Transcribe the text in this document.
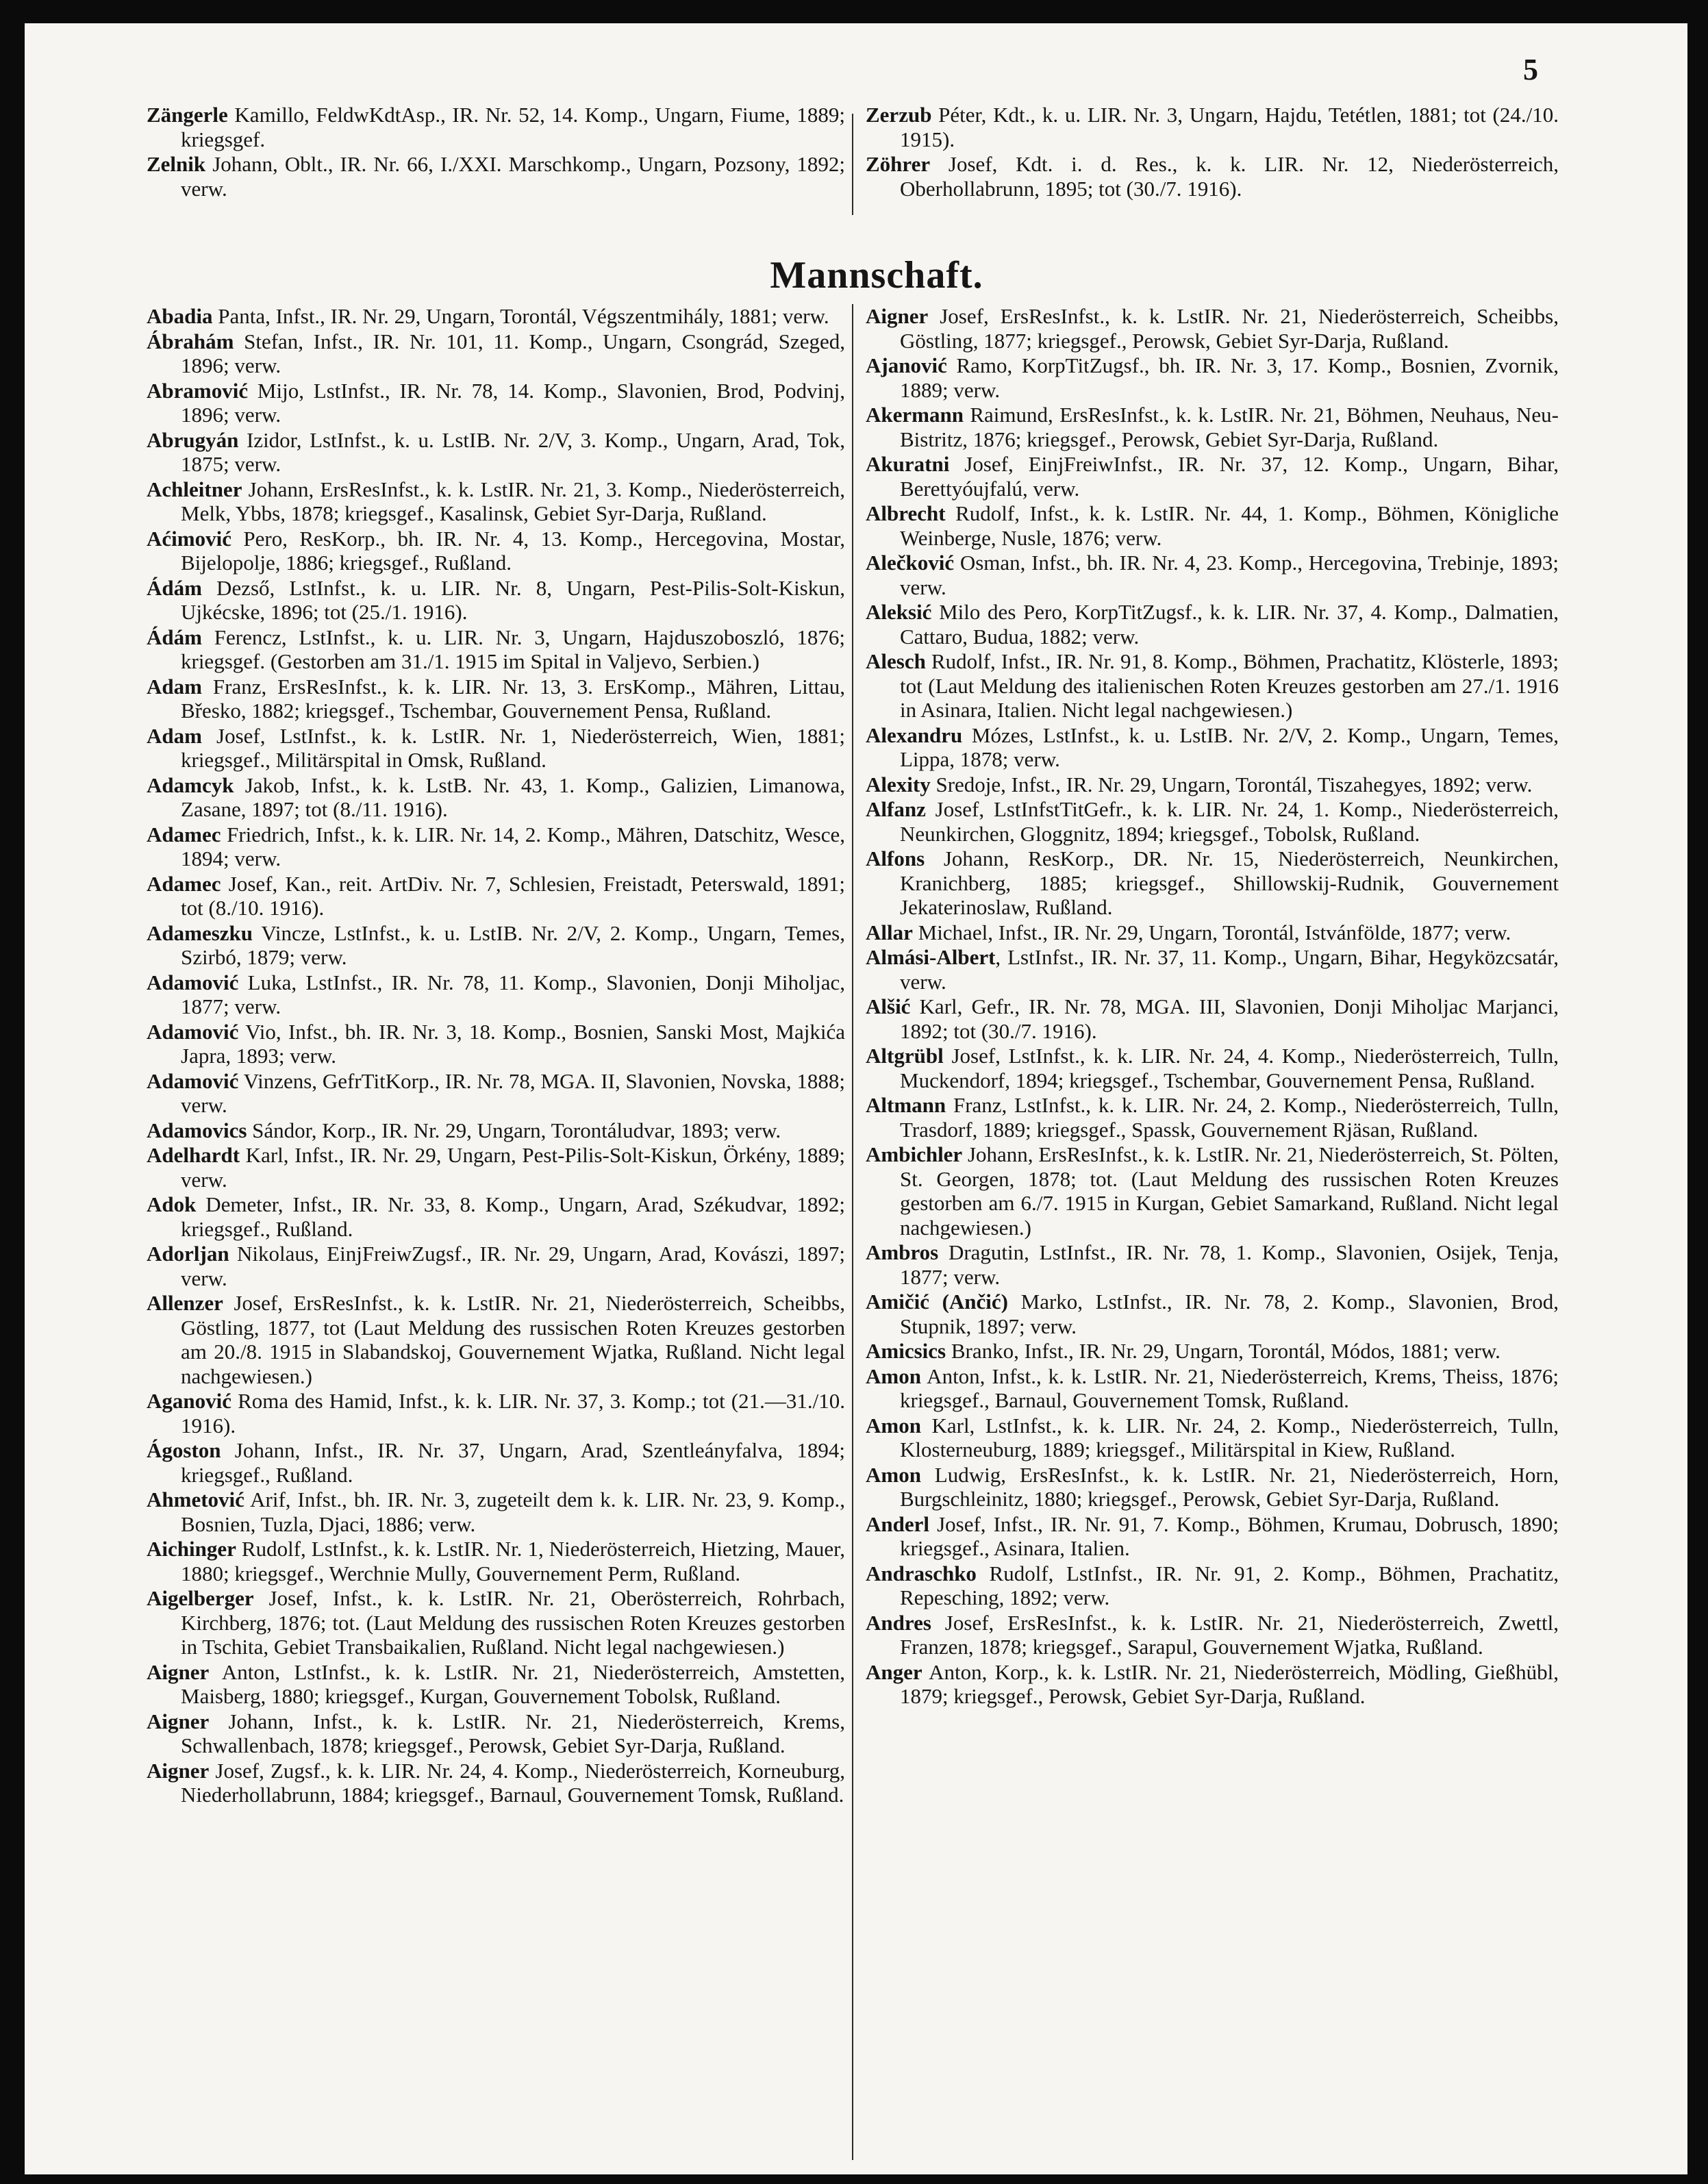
5

Zängerle Kamillo, FeldwKdtAsp., IR. Nr. 52, 14. Komp., Ungarn, Fiume, 1889; kriegsgef.

Zelnik Johann, Oblt., IR. Nr. 66, I./XXI. Marschkomp., Ungarn, Pozsony, 1892; verw.

Zerzub Péter, Kdt., k. u. LIR. Nr. 3, Ungarn, Hajdu, Tetétlen, 1881; tot (24./10. 1915).

Zöhrer Josef, Kdt. i. d. Res., k. k. LIR. Nr. 12, Niederösterreich, Oberhollabrunn, 1895; tot (30./7. 1916).

Mannschaft.

Abadia Panta, Infst., IR. Nr. 29, Ungarn, Torontál, Végszentmihály, 1881; verw.

Ábrahám Stefan, Infst., IR. Nr. 101, 11. Komp., Ungarn, Csongrád, Szeged, 1896; verw.

Abramović Mijo, LstInfst., IR. Nr. 78, 14. Komp., Slavonien, Brod, Podvinj, 1896; verw.

Abrugyán Izidor, LstInfst., k. u. LstIB. Nr. 2/V, 3. Komp., Ungarn, Arad, Tok, 1875; verw.

Achleitner Johann, ErsResInfst., k. k. LstIR. Nr. 21, 3. Komp., Niederösterreich, Melk, Ybbs, 1878; kriegsgef., Kasalinsk, Gebiet Syr-Darja, Rußland.

Aćimović Pero, ResKorp., bh. IR. Nr. 4, 13. Komp., Hercegovina, Mostar, Bijelopolje, 1886; kriegsgef., Rußland.

Ádám Dezső, LstInfst., k. u. LIR. Nr. 8, Ungarn, Pest-Pilis-Solt-Kiskun, Ujkécske, 1896; tot (25./1. 1916).

Ádám Ferencz, LstInfst., k. u. LIR. Nr. 3, Ungarn, Hajduszoboszló, 1876; kriegsgef. (Gestorben am 31./1. 1915 im Spital in Valjevo, Serbien.)

Adam Franz, ErsResInfst., k. k. LIR. Nr. 13, 3. ErsKomp., Mähren, Littau, Břesko, 1882; kriegsgef., Tschembar, Gouvernement Pensa, Rußland.

Adam Josef, LstInfst., k. k. LstIR. Nr. 1, Niederösterreich, Wien, 1881; kriegsgef., Militärspital in Omsk, Rußland.

Adamcyk Jakob, Infst., k. k. LstB. Nr. 43, 1. Komp., Galizien, Limanowa, Zasane, 1897; tot (8./11. 1916).

Adamec Friedrich, Infst., k. k. LIR. Nr. 14, 2. Komp., Mähren, Datschitz, Wesce, 1894; verw.

Adamec Josef, Kan., reit. ArtDiv. Nr. 7, Schlesien, Freistadt, Peterswald, 1891; tot (8./10. 1916).

Adameszku Vincze, LstInfst., k. u. LstIB. Nr. 2/V, 2. Komp., Ungarn, Temes, Szirbó, 1879; verw.

Adamović Luka, LstInfst., IR. Nr. 78, 11. Komp., Slavonien, Donji Miholjac, 1877; verw.

Adamović Vio, Infst., bh. IR. Nr. 3, 18. Komp., Bosnien, Sanski Most, Majkića Japra, 1893; verw.

Adamović Vinzens, GefrTitKorp., IR. Nr. 78, MGA. II, Slavonien, Novska, 1888; verw.

Adamovics Sándor, Korp., IR. Nr. 29, Ungarn, Torontáludvar, 1893; verw.

Adelhardt Karl, Infst., IR. Nr. 29, Ungarn, Pest-Pilis-Solt-Kiskun, Örkény, 1889; verw.

Adok Demeter, Infst., IR. Nr. 33, 8. Komp., Ungarn, Arad, Székudvar, 1892; kriegsgef., Rußland.

Adorljan Nikolaus, EinjFreiwZugsf., IR. Nr. 29, Ungarn, Arad, Kovászi, 1897; verw.

Allenzer Josef, ErsResInfst., k. k. LstIR. Nr. 21, Niederösterreich, Scheibbs, Göstling, 1877, tot (Laut Meldung des russischen Roten Kreuzes gestorben am 20./8. 1915 in Slabandskoj, Gouvernement Wjatka, Rußland. Nicht legal nachgewiesen.)

Aganović Roma des Hamid, Infst., k. k. LIR. Nr. 37, 3. Komp.; tot (21.—31./10. 1916).

Ágoston Johann, Infst., IR. Nr. 37, Ungarn, Arad, Szentleányfalva, 1894; kriegsgef., Rußland.

Ahmetović Arif, Infst., bh. IR. Nr. 3, zugeteilt dem k. k. LIR. Nr. 23, 9. Komp., Bosnien, Tuzla, Djaci, 1886; verw.

Aichinger Rudolf, LstInfst., k. k. LstIR. Nr. 1, Niederösterreich, Hietzing, Mauer, 1880; kriegsgef., Werchnie Mully, Gouvernement Perm, Rußland.

Aigelberger Josef, Infst., k. k. LstIR. Nr. 21, Oberösterreich, Rohrbach, Kirchberg, 1876; tot. (Laut Meldung des russischen Roten Kreuzes gestorben in Tschita, Gebiet Transbaikalien, Rußland. Nicht legal nachgewiesen.)

Aigner Anton, LstInfst., k. k. LstIR. Nr. 21, Niederösterreich, Amstetten, Maisberg, 1880; kriegsgef., Kurgan, Gouvernement Tobolsk, Rußland.

Aigner Johann, Infst., k. k. LstIR. Nr. 21, Niederösterreich, Krems, Schwallenbach, 1878; kriegsgef., Perowsk, Gebiet Syr-Darja, Rußland.

Aigner Josef, Zugsf., k. k. LIR. Nr. 24, 4. Komp., Niederösterreich, Korneuburg, Niederhollabrunn, 1884; kriegsgef., Barnaul, Gouvernement Tomsk, Rußland.

Aigner Josef, ErsResInfst., k. k. LstIR. Nr. 21, Niederösterreich, Scheibbs, Göstling, 1877; kriegsgef., Perowsk, Gebiet Syr-Darja, Rußland.

Ajanović Ramo, KorpTitZugsf., bh. IR. Nr. 3, 17. Komp., Bosnien, Zvornik, 1889; verw.

Akermann Raimund, ErsResInfst., k. k. LstIR. Nr. 21, Böhmen, Neuhaus, Neu-Bistritz, 1876; kriegsgef., Perowsk, Gebiet Syr-Darja, Rußland.

Akuratni Josef, EinjFreiwInfst., IR. Nr. 37, 12. Komp., Ungarn, Bihar, Berettyóujfalú, verw.

Albrecht Rudolf, Infst., k. k. LstIR. Nr. 44, 1. Komp., Böhmen, Königliche Weinberge, Nusle, 1876; verw.

Alečković Osman, Infst., bh. IR. Nr. 4, 23. Komp., Hercegovina, Trebinje, 1893; verw.

Aleksić Milo des Pero, KorpTitZugsf., k. k. LIR. Nr. 37, 4. Komp., Dalmatien, Cattaro, Budua, 1882; verw.

Alesch Rudolf, Infst., IR. Nr. 91, 8. Komp., Böhmen, Prachatitz, Klösterle, 1893; tot (Laut Meldung des italienischen Roten Kreuzes gestorben am 27./1. 1916 in Asinara, Italien. Nicht legal nachgewiesen.)

Alexandru Mózes, LstInfst., k. u. LstIB. Nr. 2/V, 2. Komp., Ungarn, Temes, Lippa, 1878; verw.

Alexity Sredoje, Infst., IR. Nr. 29, Ungarn, Torontál, Tiszahegyes, 1892; verw.

Alfanz Josef, LstInfstTitGefr., k. k. LIR. Nr. 24, 1. Komp., Niederösterreich, Neunkirchen, Gloggnitz, 1894; kriegsgef., Tobolsk, Rußland.

Alfons Johann, ResKorp., DR. Nr. 15, Niederösterreich, Neunkirchen, Kranichberg, 1885; kriegsgef., Shillowskij-Rudnik, Gouvernement Jekaterinoslaw, Rußland.

Allar Michael, Infst., IR. Nr. 29, Ungarn, Torontál, Istvánfölde, 1877; verw.

Almási-Albert, LstInfst., IR. Nr. 37, 11. Komp., Ungarn, Bihar, Hegyközcsatár, verw.

Alšić Karl, Gefr., IR. Nr. 78, MGA. III, Slavonien, Donji Miholjac Marjanci, 1892; tot (30./7. 1916).

Altgrübl Josef, LstInfst., k. k. LIR. Nr. 24, 4. Komp., Niederösterreich, Tulln, Muckendorf, 1894; kriegsgef., Tschembar, Gouvernement Pensa, Rußland.

Altmann Franz, LstInfst., k. k. LIR. Nr. 24, 2. Komp., Niederösterreich, Tulln, Trasdorf, 1889; kriegsgef., Spassk, Gouvernement Rjäsan, Rußland.

Ambichler Johann, ErsResInfst., k. k. LstIR. Nr. 21, Niederösterreich, St. Pölten, St. Georgen, 1878; tot. (Laut Meldung des russischen Roten Kreuzes gestorben am 6./7. 1915 in Kurgan, Gebiet Samarkand, Rußland. Nicht legal nachgewiesen.)

Ambros Dragutin, LstInfst., IR. Nr. 78, 1. Komp., Slavonien, Osijek, Tenja, 1877; verw.

Amičić (Ančić) Marko, LstInfst., IR. Nr. 78, 2. Komp., Slavonien, Brod, Stupnik, 1897; verw.

Amicsics Branko, Infst., IR. Nr. 29, Ungarn, Torontál, Módos, 1881; verw.

Amon Anton, Infst., k. k. LstIR. Nr. 21, Niederösterreich, Krems, Theiss, 1876; kriegsgef., Barnaul, Gouvernement Tomsk, Rußland.

Amon Karl, LstInfst., k. k. LIR. Nr. 24, 2. Komp., Niederösterreich, Tulln, Klosterneuburg, 1889; kriegsgef., Militärspital in Kiew, Rußland.

Amon Ludwig, ErsResInfst., k. k. LstIR. Nr. 21, Niederösterreich, Horn, Burgschleinitz, 1880; kriegsgef., Perowsk, Gebiet Syr-Darja, Rußland.

Anderl Josef, Infst., IR. Nr. 91, 7. Komp., Böhmen, Krumau, Dobrusch, 1890; kriegsgef., Asinara, Italien.

Andraschko Rudolf, LstInfst., IR. Nr. 91, 2. Komp., Böhmen, Prachatitz, Repesching, 1892; verw.

Andres Josef, ErsResInfst., k. k. LstIR. Nr. 21, Niederösterreich, Zwettl, Franzen, 1878; kriegsgef., Sarapul, Gouvernement Wjatka, Rußland.

Anger Anton, Korp., k. k. LstIR. Nr. 21, Niederösterreich, Mödling, Gießhübl, 1879; kriegsgef., Perowsk, Gebiet Syr-Darja, Rußland.
